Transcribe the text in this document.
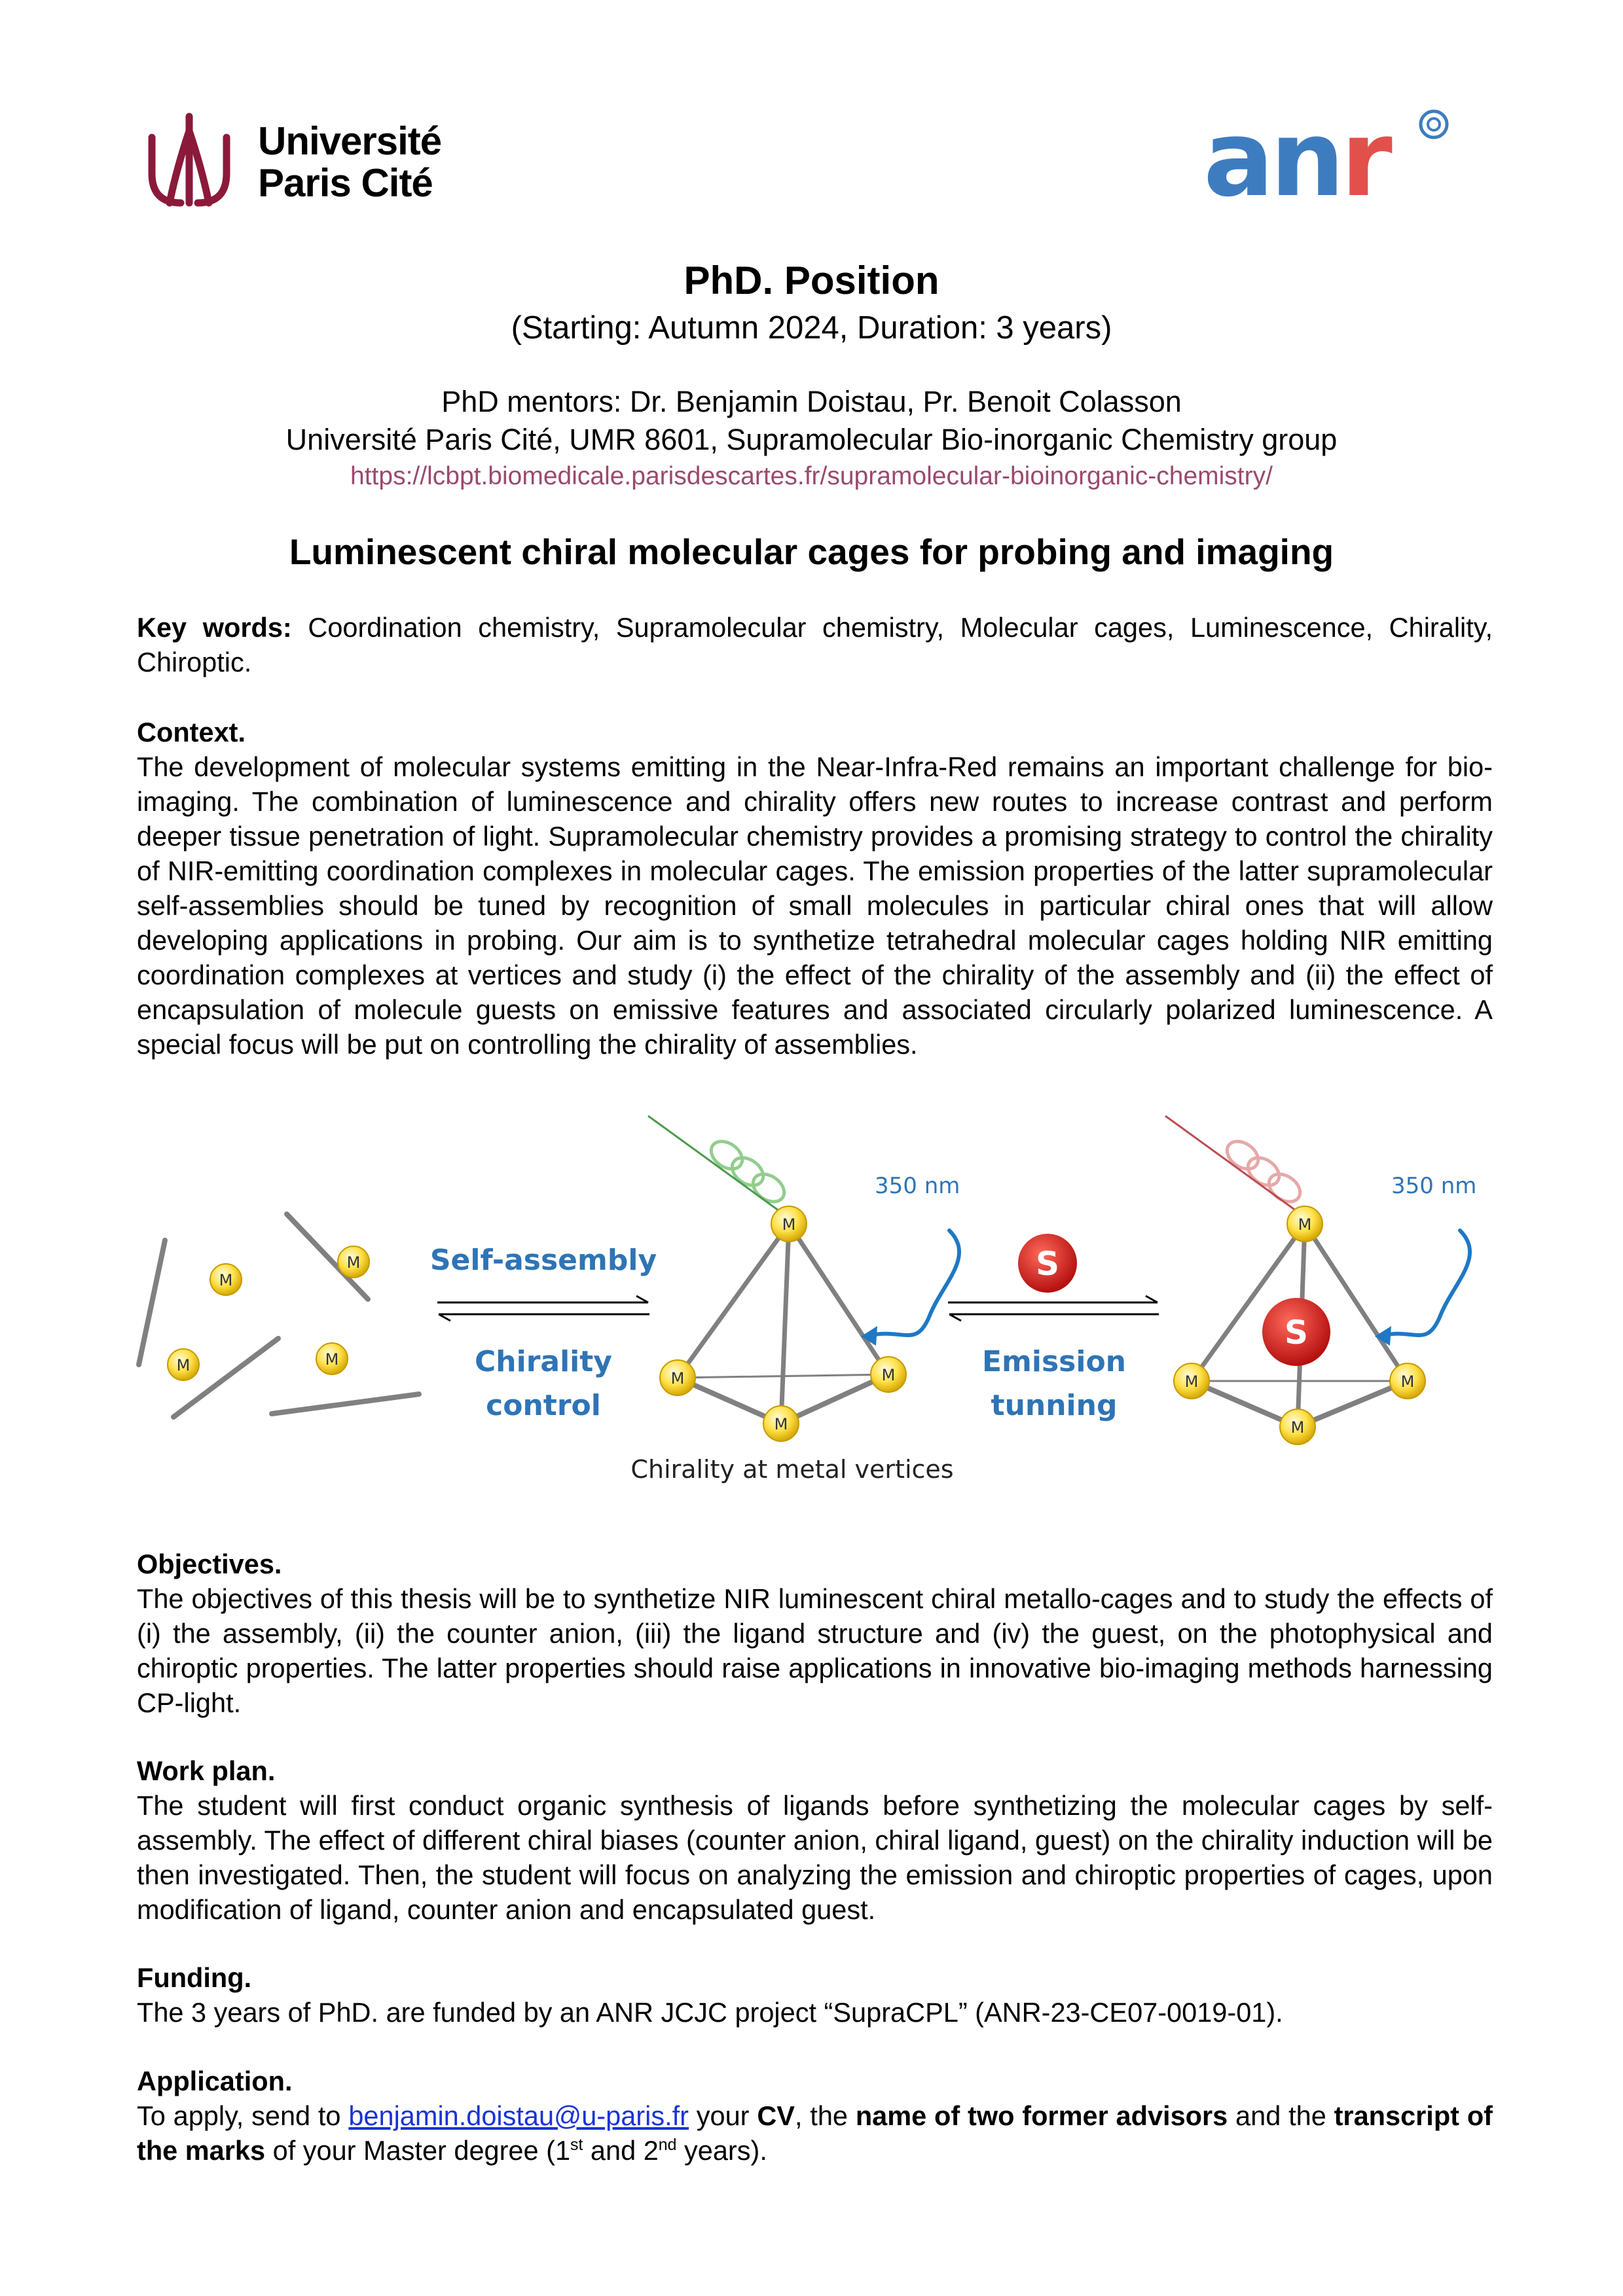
Université
Paris Cité	anr
PhD. Position
(Starting: Autumn 2024, Duration: 3 years)
PhD mentors: Dr. Benjamin Doistau, Pr. Benoit Colasson
Université Paris Cité, UMR 8601, Supramolecular Bio-inorganic Chemistry group
https://lcbpt.biomedicale.parisdescartes.fr/supramolecular-bioinorganic-chemistry/
Luminescent chiral molecular cages for probing and imaging

Key words: Coordination chemistry, Supramolecular chemistry, Molecular cages, Luminescence, Chirality, Chiroptic.

Context.

The development of molecular systems emitting in the Near-Infra-Red remains an important challenge for bio-imaging. The combination of luminescence and chirality offers new routes to increase contrast and perform deeper tissue penetration of light. Supramolecular chemistry provides a promising strategy to control the chirality of NIR-emitting coordination complexes in molecular cages. The emission properties of the latter supramolecular self-assemblies should be tuned by recognition of small molecules in particular chiral ones that will allow developing applications in probing. Our aim is to synthetize tetrahedral molecular cages holding NIR emitting coordination complexes at vertices and study (i) the effect of the chirality of the assembly and (ii) the effect of encapsulation of molecule guests on emissive features and associated circularly polarized luminescence. A special focus will be put on controlling the chirality of assemblies.

M
M
M	M
M
M	M
M
M
M	M
M
S
S
350 nm	350 nm
Self-assembly
Chirality
control
Emission
tunning
Chirality at metal vertices
Objectives.

The objectives of this thesis will be to synthetize NIR luminescent chiral metallo-cages and to study the effects of (i) the assembly, (ii) the counter anion, (iii) the ligand structure and (iv) the guest, on the photophysical and chiroptic properties. The latter properties should raise applications in innovative bio-imaging methods harnessing CP-light.

Work plan.

The student will first conduct organic synthesis of ligands before synthetizing the molecular cages by self-assembly. The effect of different chiral biases (counter anion, chiral ligand, guest) on the chirality induction will be then investigated. Then, the student will focus on analyzing the emission and chiroptic properties of cages, upon modification of ligand, counter anion and encapsulated guest.

Funding.

The 3 years of PhD. are funded by an ANR JCJC project “SupraCPL” (ANR-23-CE07-0019-01).

Application.

To apply, send to benjamin.doistau@u-paris.fr your CV, the name of two former advisors and the transcript of the marks of your Master degree (1st and 2nd years).
